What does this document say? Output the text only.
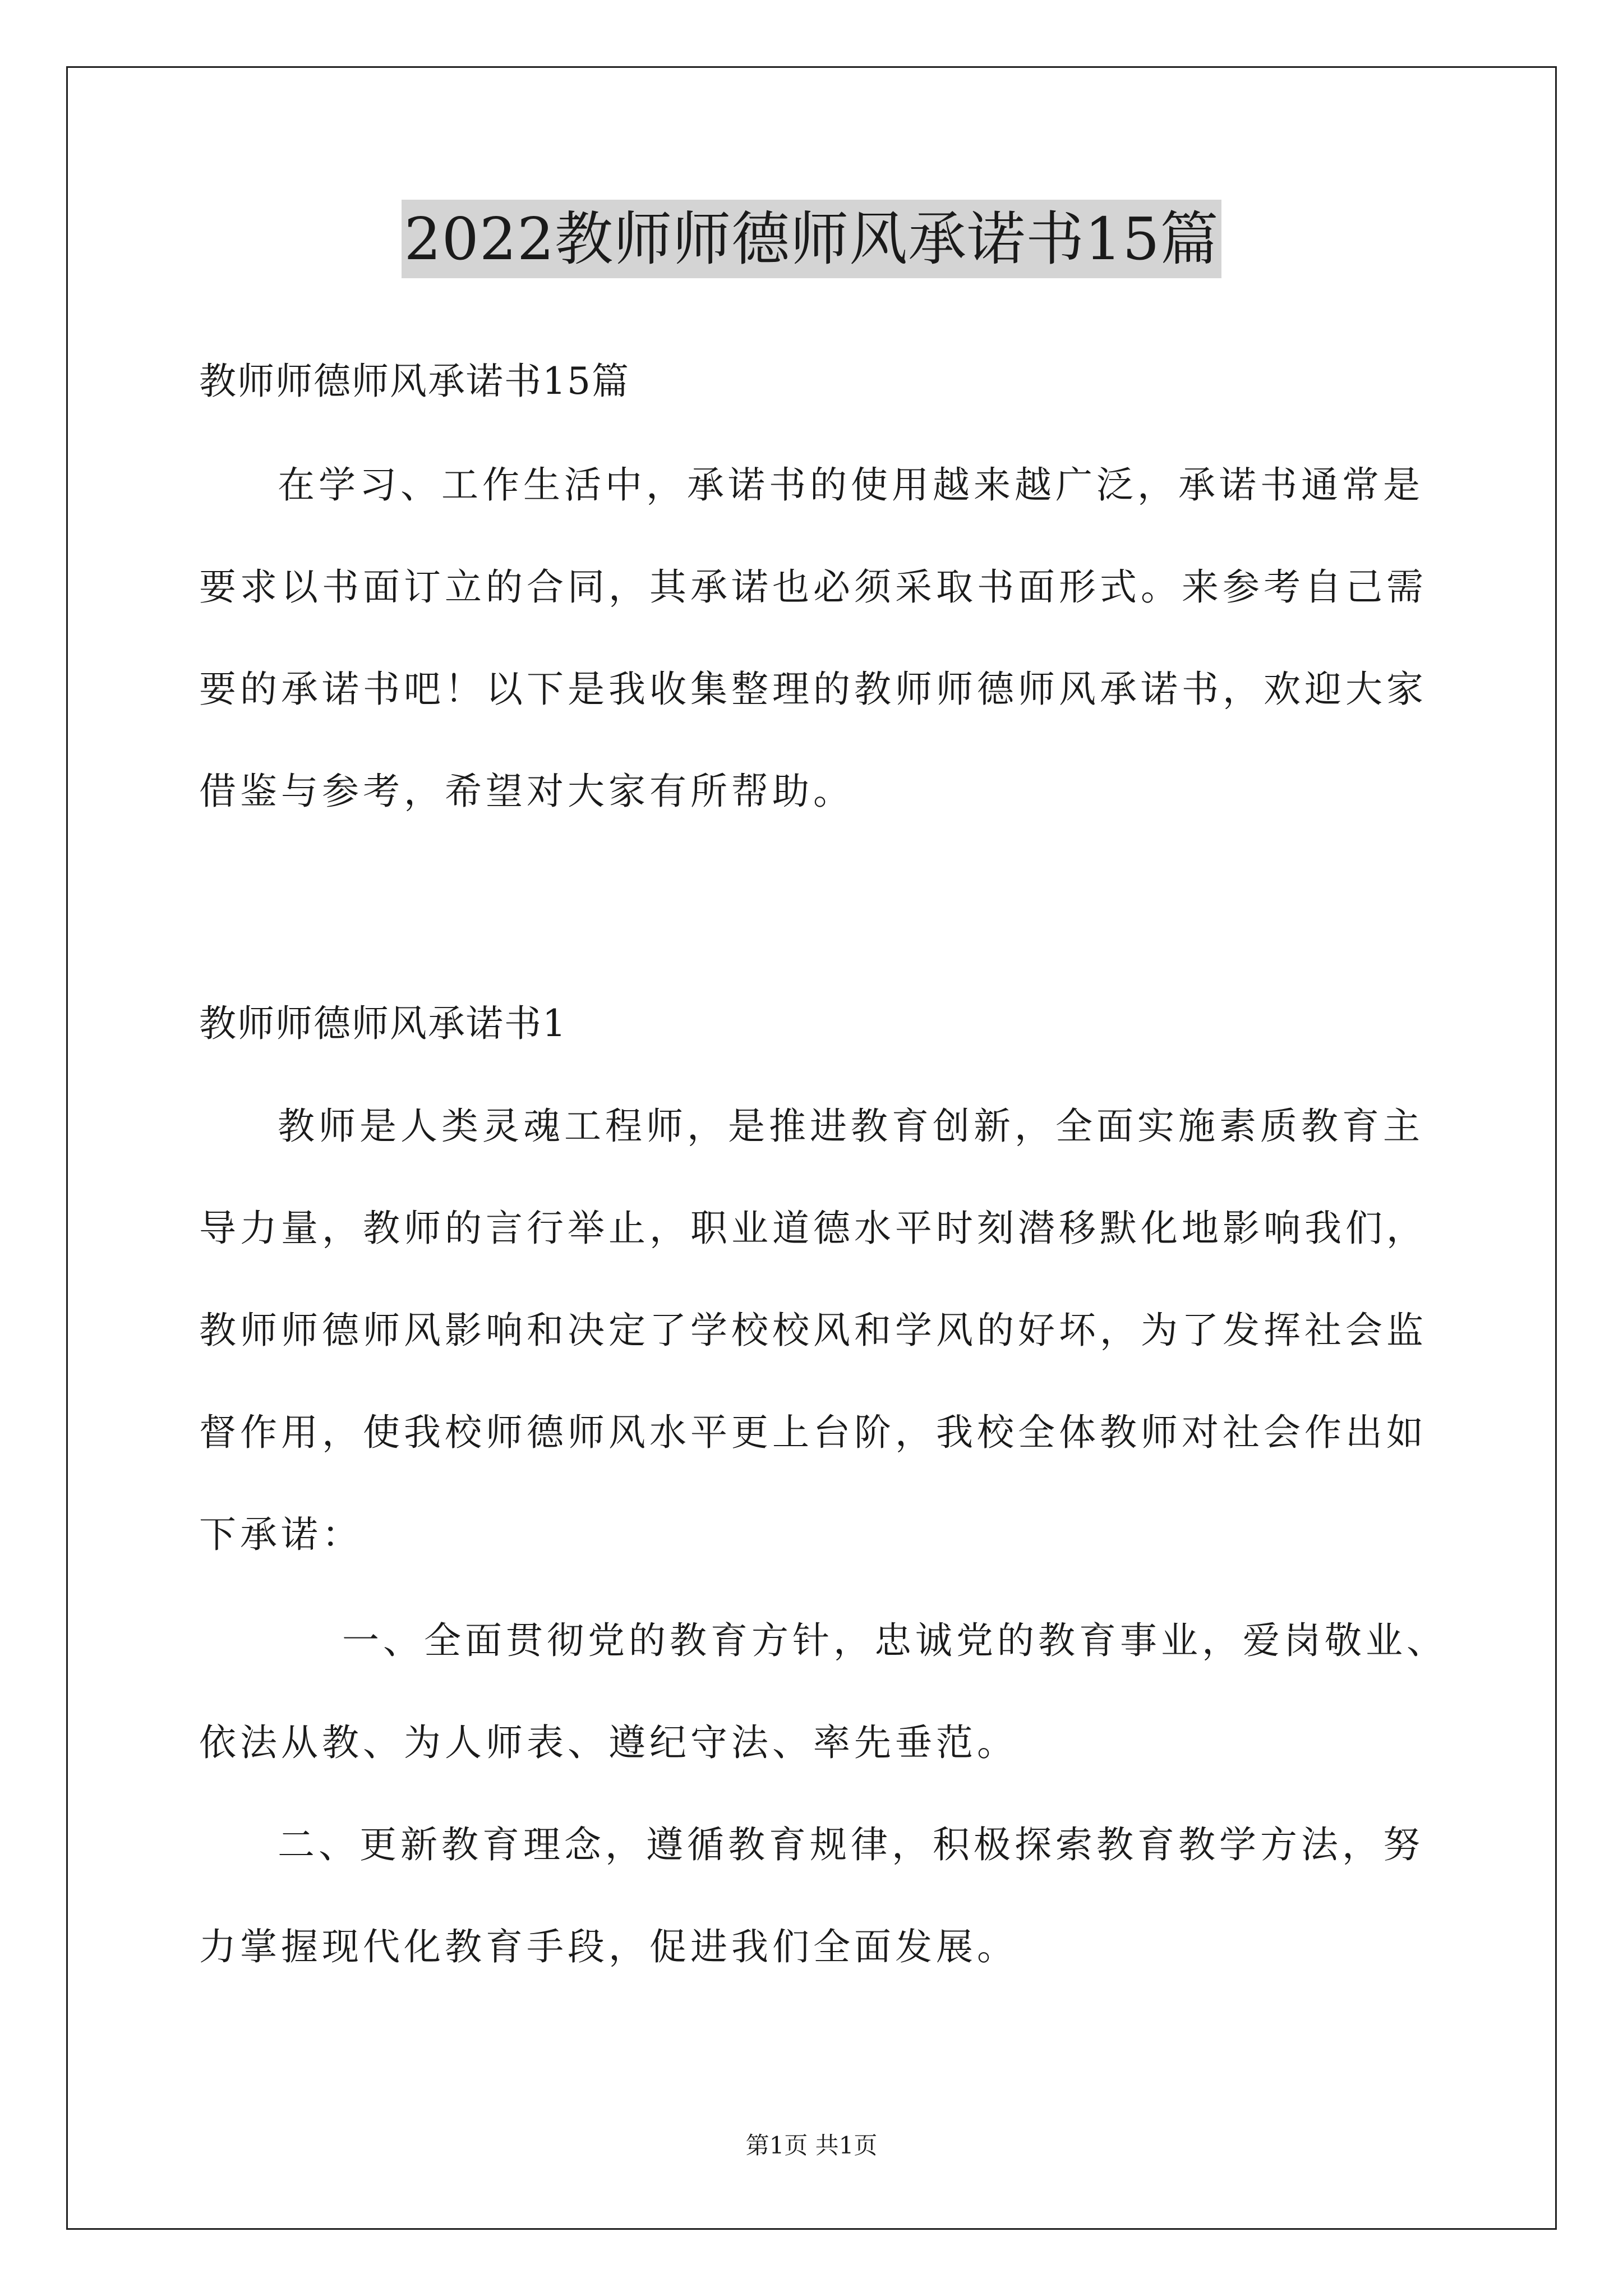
2022教师师德师风承诺书15篇
教师师德师风承诺书15篇
在学习、工作生活中，承诺书的使用越来越广泛，承诺书通常是
要求以书面订立的合同，其承诺也必须采取书面形式。来参考自己需
要的承诺书吧！以下是我收集整理的教师师德师风承诺书，欢迎大家
借鉴与参考，希望对大家有所帮助。
教师师德师风承诺书1
教师是人类灵魂工程师，是推进教育创新，全面实施素质教育主
导力量，教师的言行举止，职业道德水平时刻潜移默化地影响我们，
教师师德师风影响和决定了学校校风和学风的好坏，为了发挥社会监
督作用，使我校师德师风水平更上台阶，我校全体教师对社会作出如
下承诺：
一、全面贯彻党的教育方针，忠诚党的教育事业，爱岗敬业、
依法从教、为人师表、遵纪守法、率先垂范。
二、更新教育理念，遵循教育规律，积极探索教育教学方法，努
力掌握现代化教育手段，促进我们全面发展。
第1页 共1页
